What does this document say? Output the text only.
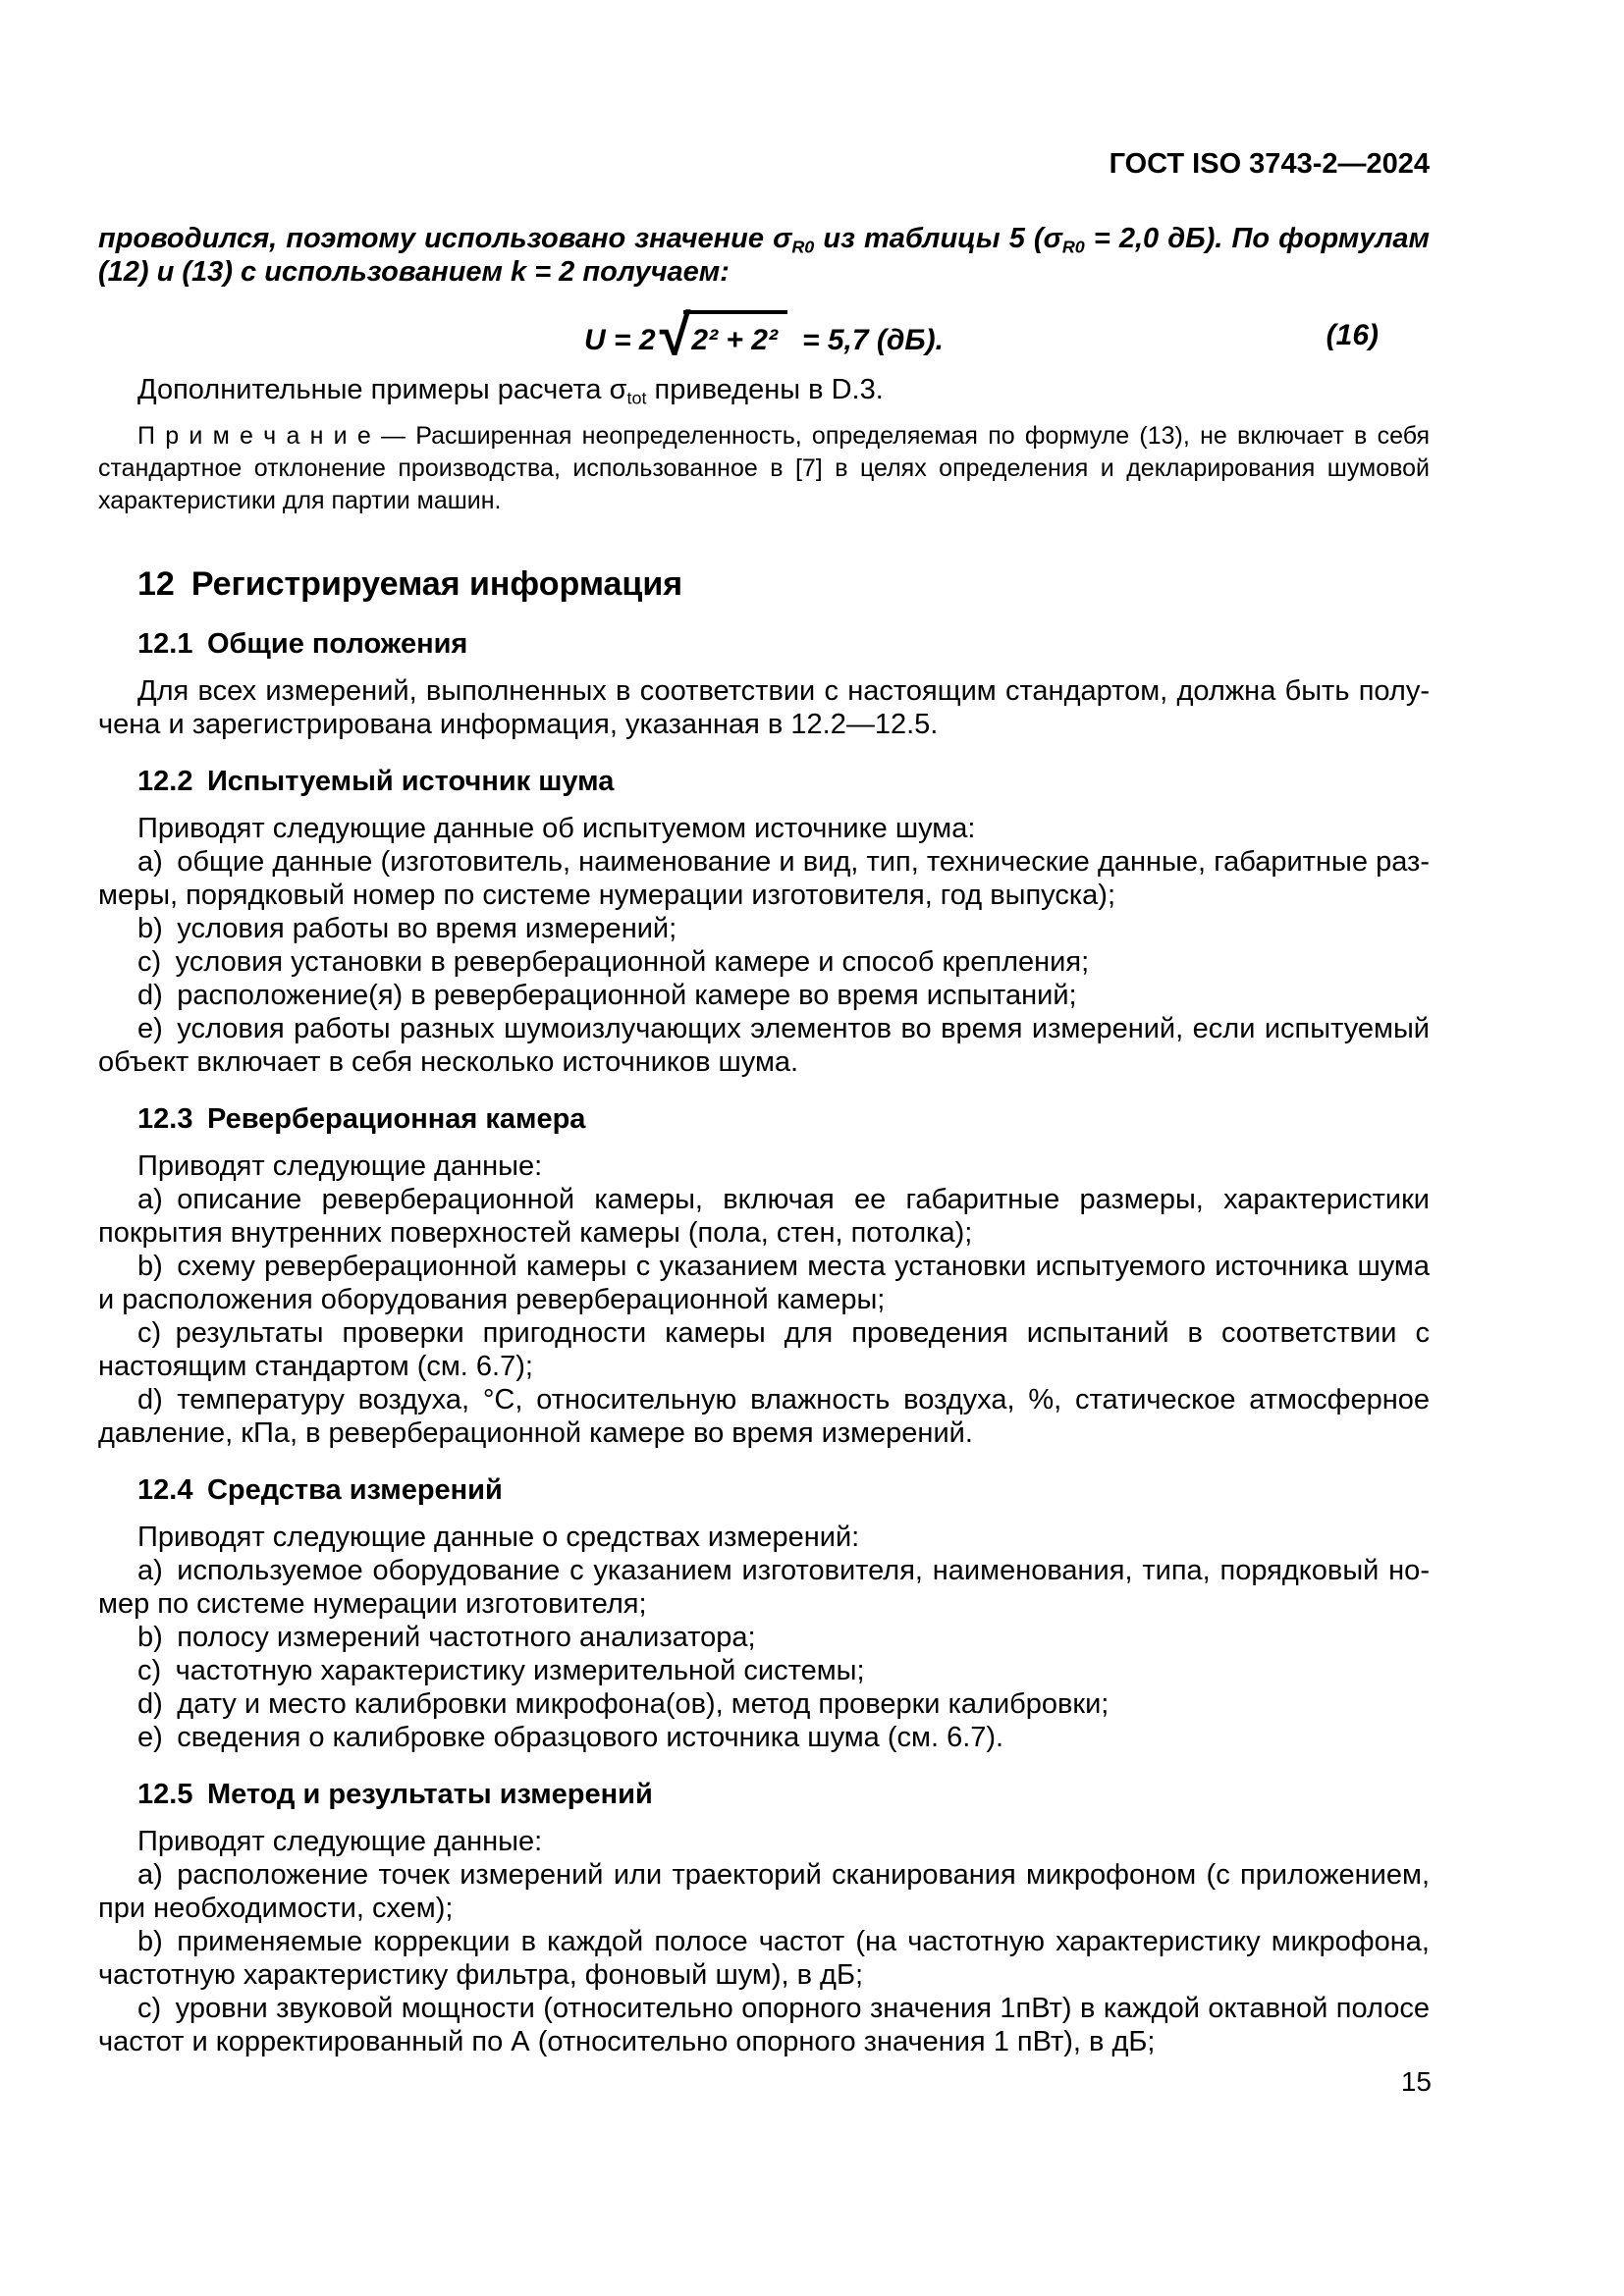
ГОСТ ISO 3743-2—2024

проводился, поэтому использовано значение $\sigma_{R0}$ из таблицы 5 ($\sigma_{R0} = 2,0$ дБ). По формулам (12) и (13) с использованием k = 2 получаем:

U = 2 √ 2² + 2²  = 5,7 (дБ).	(16)

Дополнительные примеры расчета $\sigma_{tot}$ приведены в D.3.

П р и м е ч а н и е — Расширенная неопределенность, определяемая по формуле (13), не включает в себя стандартное отклонение производства, использованное в [7] в целях определения и декларирования шумовой характеристики для партии машин.

12 Регистрируемая информация
12.1 Общие положения

Для всех измерений, выполненных в соответствии с настоящим стандартом, должна быть получена и зарегистрирована информация, указанная в 12.2—12.5.

12.2 Испытуемый источник шума

Приводят следующие данные об испытуемом источнике шума:

a) общие данные (изготовитель, наименование и вид, тип, технические данные, габаритные размеры, порядковый номер по системе нумерации изготовителя, год выпуска);

b) условия работы во время измерений;

c) условия установки в реверберационной камере и способ крепления;

d) расположение(я) в реверберационной камере во время испытаний;

e) условия работы разных шумоизлучающих элементов во время измерений, если испытуемый объект включает в себя несколько источников шума.

12.3 Реверберационная камера

Приводят следующие данные:

a) описание реверберационной камеры, включая ее габаритные размеры, характеристики покрытия внутренних поверхностей камеры (пола, стен, потолка);

b) схему реверберационной камеры с указанием места установки испытуемого источника шума и расположения оборудования реверберационной камеры;

c) результаты проверки пригодности камеры для проведения испытаний в соответствии с настоящим стандартом (см. 6.7);

d) температуру воздуха, °C, относительную влажность воздуха, %, статическое атмосферное давление, кПа, в реверберационной камере во время измерений.

12.4 Средства измерений

Приводят следующие данные о средствах измерений:

a) используемое оборудование с указанием изготовителя, наименования, типа, порядковый номер по системе нумерации изготовителя;

b) полосу измерений частотного анализатора;

c) частотную характеристику измерительной системы;

d) дату и место калибровки микрофона(ов), метод проверки калибровки;

e) сведения о калибровке образцового источника шума (см. 6.7).

12.5 Метод и результаты измерений

Приводят следующие данные:

a) расположение точек измерений или траекторий сканирования микрофоном (с приложением, при необходимости, схем);

b) применяемые коррекции в каждой полосе частот (на частотную характеристику микрофона, частотную характеристику фильтра, фоновый шум), в дБ;

c) уровни звуковой мощности (относительно опорного значения 1пВт) в каждой октавной полосе частот и корректированный по А (относительно опорного значения 1 пВт), в дБ;

15
